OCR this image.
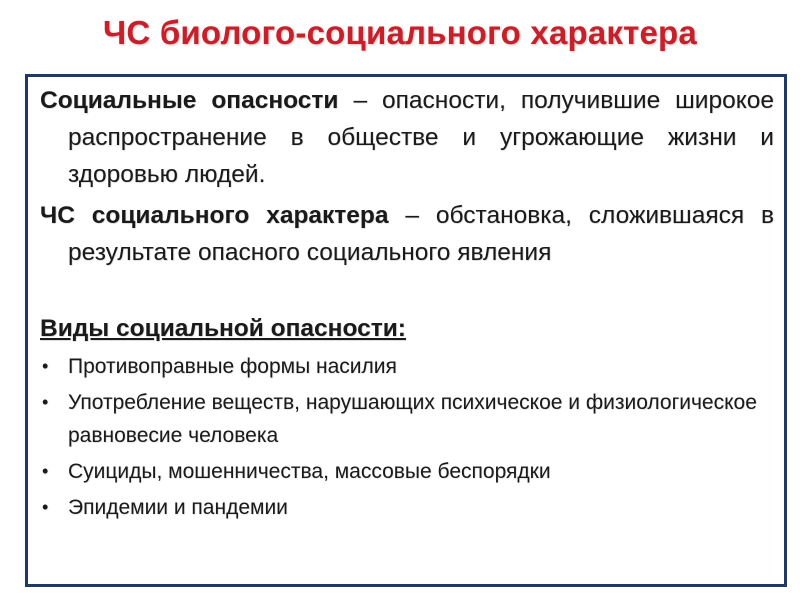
ЧС биолого-социального характера

Социальные опасности – опасности, получившие широкое распространение в обществе и угрожающие жизни и здоровью людей.

ЧС социального характера – обстановка, сложившаяся в результате опасного социального явления

Виды социальной опасности:
• Противоправные формы насилия
• Употребление веществ, нарушающих психическое и физиологическое равновесие человека
• Суициды, мошенничества, массовые беспорядки
• Эпидемии и пандемии
